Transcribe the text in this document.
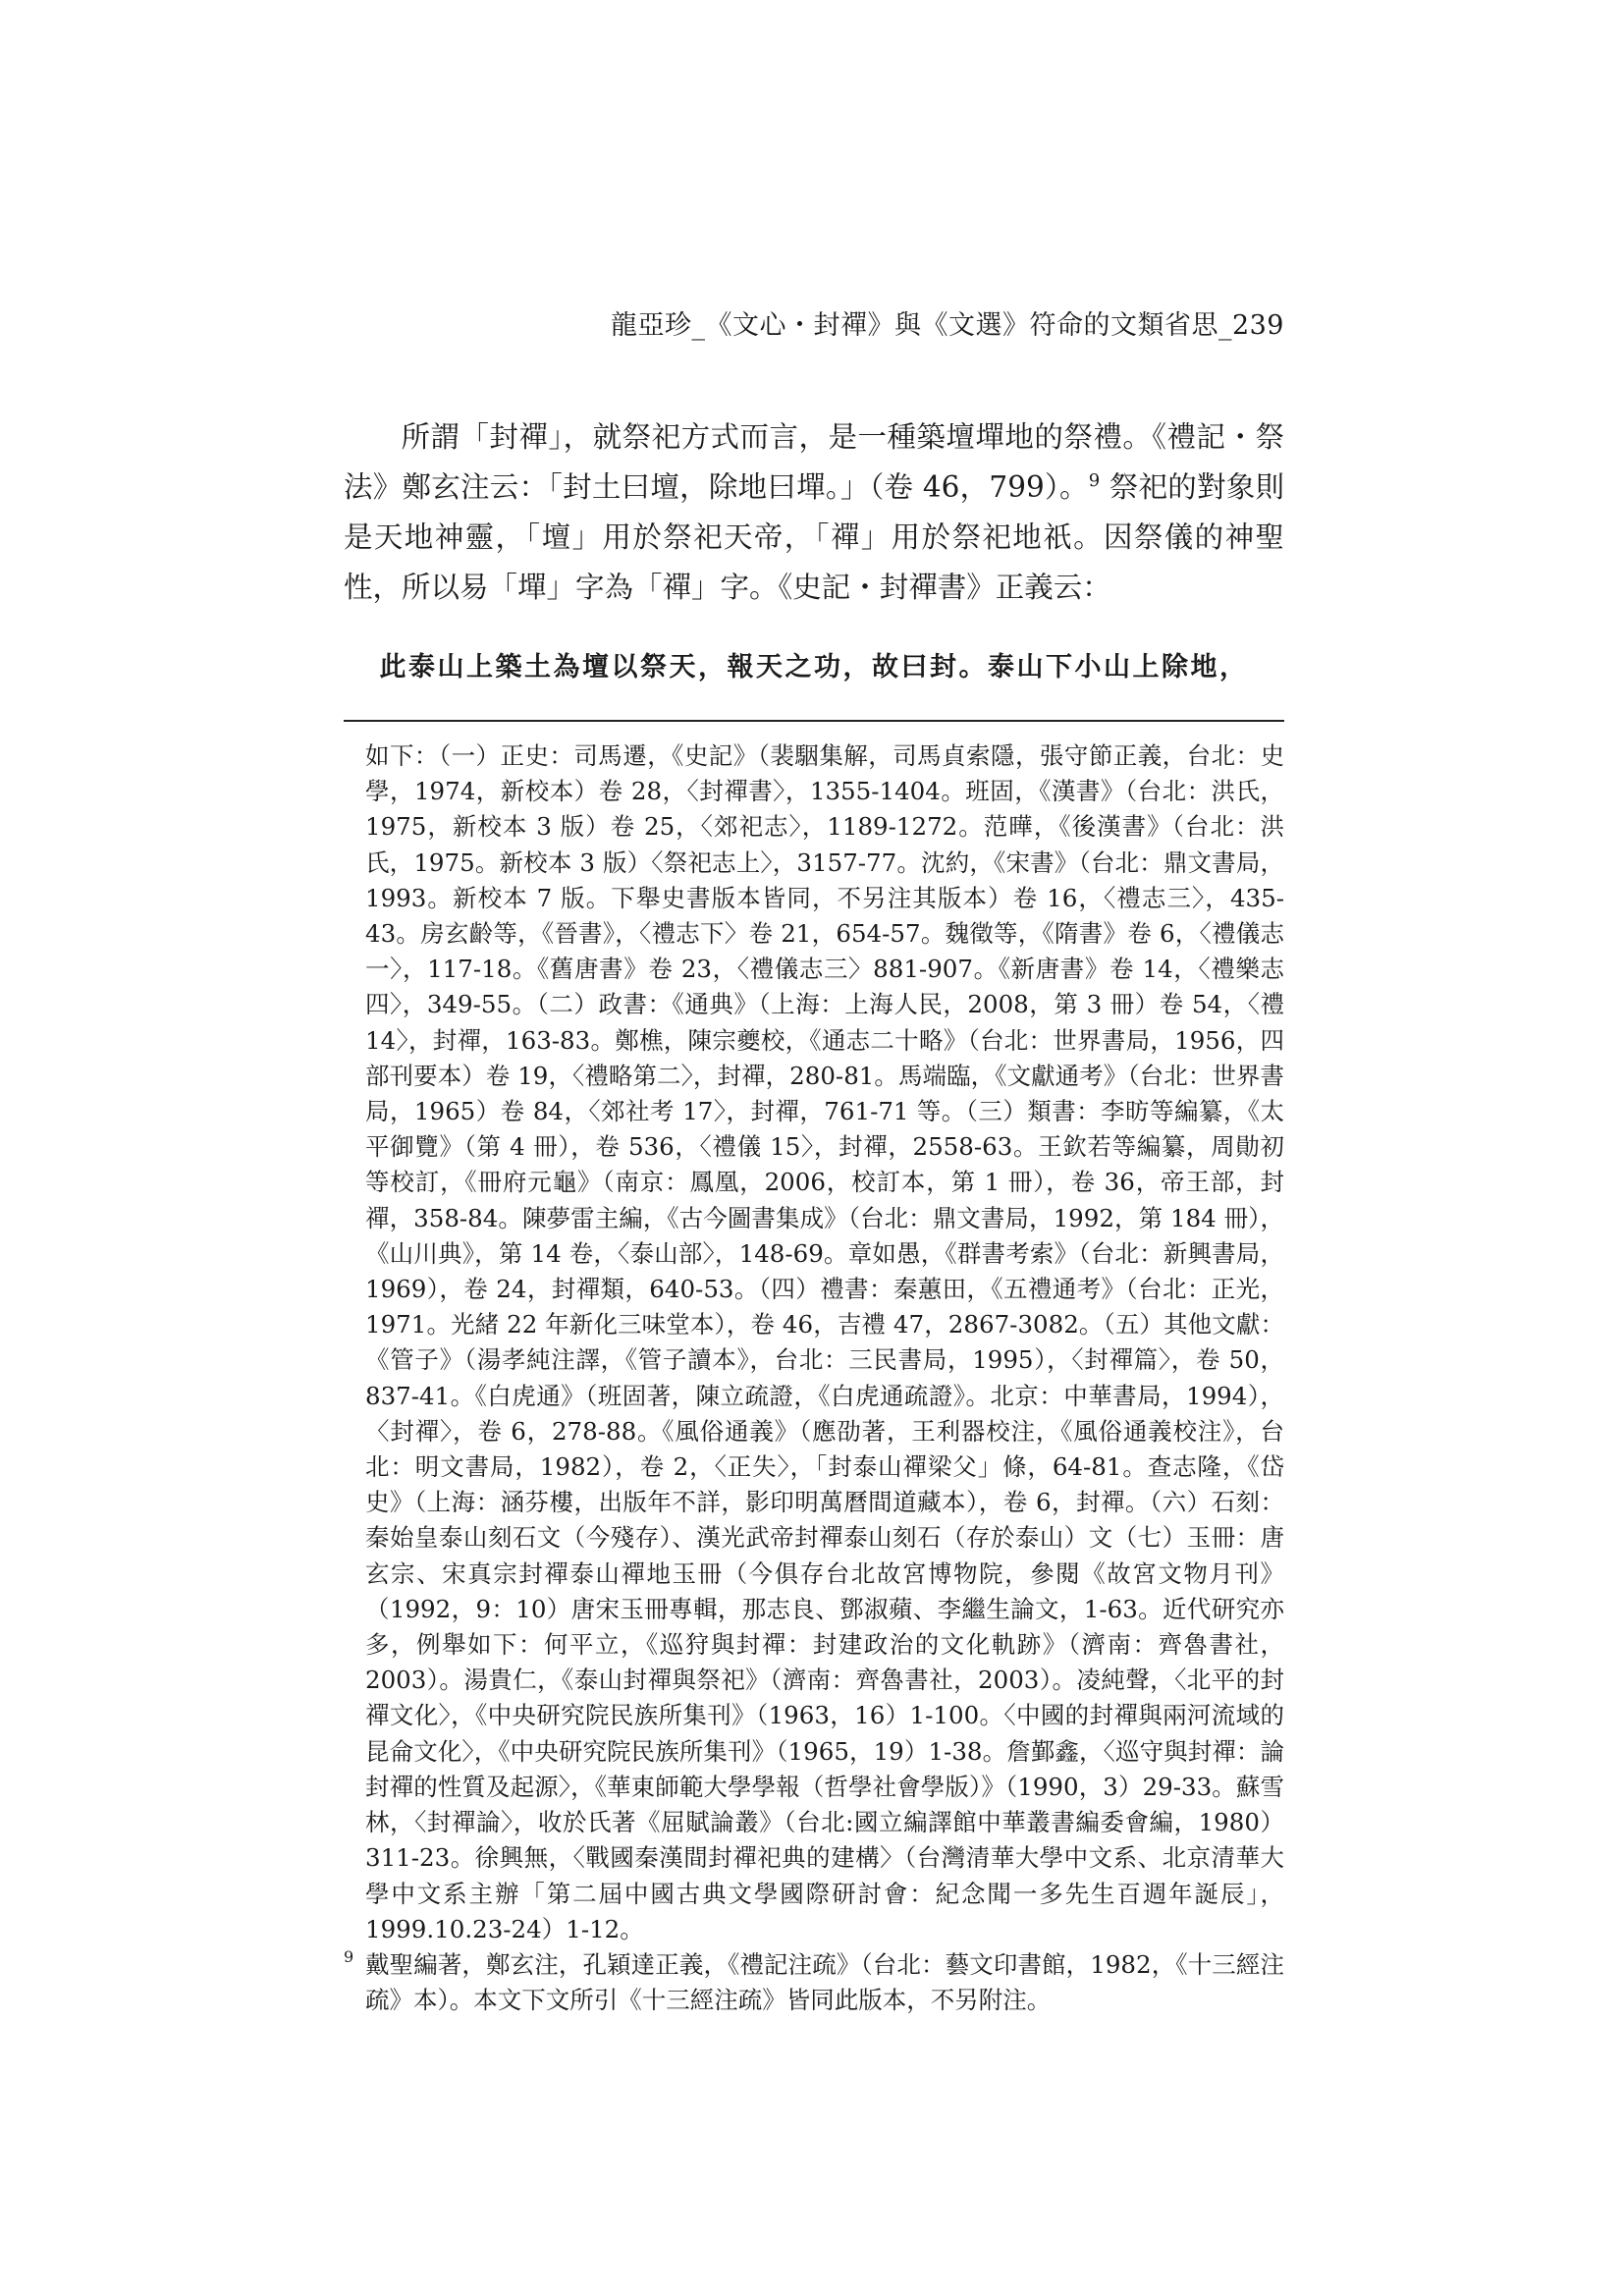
龍亞珍_《文心・封禪》與《文選》符命的文類省思_239

所謂「封禪」，就祭祀方式而言，是一種築壇墠地的祭禮。《禮記・祭法》鄭玄注云：「封土曰壇，除地曰墠。」（卷 46，799）。$^9$ 祭祀的對象則是天地神靈，「壇」用於祭祀天帝，「禪」用於祭祀地祇。因祭儀的神聖性，所以易「墠」字為「禪」字。《史記・封禪書》正義云：

此泰山上築土為壇以祭天，報天之功，故曰封。泰山下小山上除地，

如下：（一）正史：司馬遷，《史記》（裴駰集解，司馬貞索隱，張守節正義，台北：史學，1974，新校本）卷 28，〈封禪書〉，1355-1404。班固，《漢書》（台北：洪氏，1975，新校本 3 版）卷 25，〈郊祀志〉，1189-1272。范曄，《後漢書》（台北：洪氏，1975。新校本 3 版）〈祭祀志上〉，3157-77。沈約，《宋書》（台北：鼎文書局，1993。新校本 7 版。下舉史書版本皆同，不另注其版本）卷 16，〈禮志三〉，435-43。房玄齡等，《晉書》，〈禮志下〉卷 21，654-57。魏徵等，《隋書》卷 6，〈禮儀志一〉，117-18。《舊唐書》卷 23，〈禮儀志三〉881-907。《新唐書》卷 14，〈禮樂志四〉，349-55。（二）政書：《通典》（上海：上海人民，2008，第 3 冊）卷 54，〈禮 14〉，封禪，163-83。鄭樵，陳宗夔校，《通志二十略》（台北：世界書局，1956，四部刊要本）卷 19，〈禮略第二〉，封禪，280-81。馬端臨，《文獻通考》（台北：世界書局，1965）卷 84，〈郊社考 17〉，封禪，761-71 等。（三）類書：李昉等編纂，《太平御覽》（第 4 冊），卷 536，〈禮儀 15〉，封禪，2558-63。王欽若等編纂，周勛初等校訂，《冊府元龜》（南京：鳳凰，2006，校訂本，第 1 冊），卷 36，帝王部，封禪，358-84。陳夢雷主編，《古今圖書集成》（台北：鼎文書局，1992，第 184 冊），《山川典》，第 14 卷，〈泰山部〉，148-69。章如愚，《群書考索》（台北：新興書局，1969），卷 24，封禪類，640-53。（四）禮書：秦蕙田，《五禮通考》（台北：正光，1971。光緒 22 年新化三味堂本），卷 46，吉禮 47，2867-3082。（五）其他文獻：《管子》（湯孝純注譯，《管子讀本》，台北：三民書局，1995），〈封禪篇〉，卷 50，837-41。《白虎通》（班固著，陳立疏證，《白虎通疏證》。北京：中華書局，1994），〈封禪〉，卷 6，278-88。《風俗通義》（應劭著，王利器校注，《風俗通義校注》，台北：明文書局，1982），卷 2，〈正失〉，「封泰山禪梁父」條，64-81。查志隆，《岱史》（上海：涵芬樓，出版年不詳，影印明萬曆間道藏本），卷 6，封禪。（六）石刻：秦始皇泰山刻石文（今殘存）、漢光武帝封禪泰山刻石（存於泰山）文（七）玉冊：唐玄宗、宋真宗封禪泰山禪地玉冊（今俱存台北故宮博物院，參閱《故宮文物月刊》（1992，9：10）唐宋玉冊專輯，那志良、鄧淑蘋、李繼生論文，1-63。近代研究亦多，例舉如下：何平立，《巡狩與封禪：封建政治的文化軌跡》（濟南：齊魯書社，2003）。湯貴仁，《泰山封禪與祭祀》（濟南：齊魯書社，2003）。凌純聲，〈北平的封禪文化〉，《中央研究院民族所集刊》（1963，16）1-100。〈中國的封禪與兩河流域的昆侖文化〉，《中央研究院民族所集刊》（1965，19）1-38。詹鄞鑫，〈巡守與封禪：論封禪的性質及起源〉，《華東師範大學學報（哲學社會學版）》（1990，3）29-33。蘇雪林，〈封禪論〉，收於氏著《屈賦論叢》（台北:國立編譯館中華叢書編委會編，1980）311-23。徐興無，〈戰國秦漢間封禪祀典的建構〉（台灣清華大學中文系、北京清華大學中文系主辦「第二屆中國古典文學國際研討會：紀念聞一多先生百週年誕辰」，1999.10.23-24）1-12。

9 戴聖編著，鄭玄注，孔穎達正義，《禮記注疏》（台北：藝文印書館，1982，《十三經注疏》本）。本文下文所引《十三經注疏》皆同此版本，不另附注。
